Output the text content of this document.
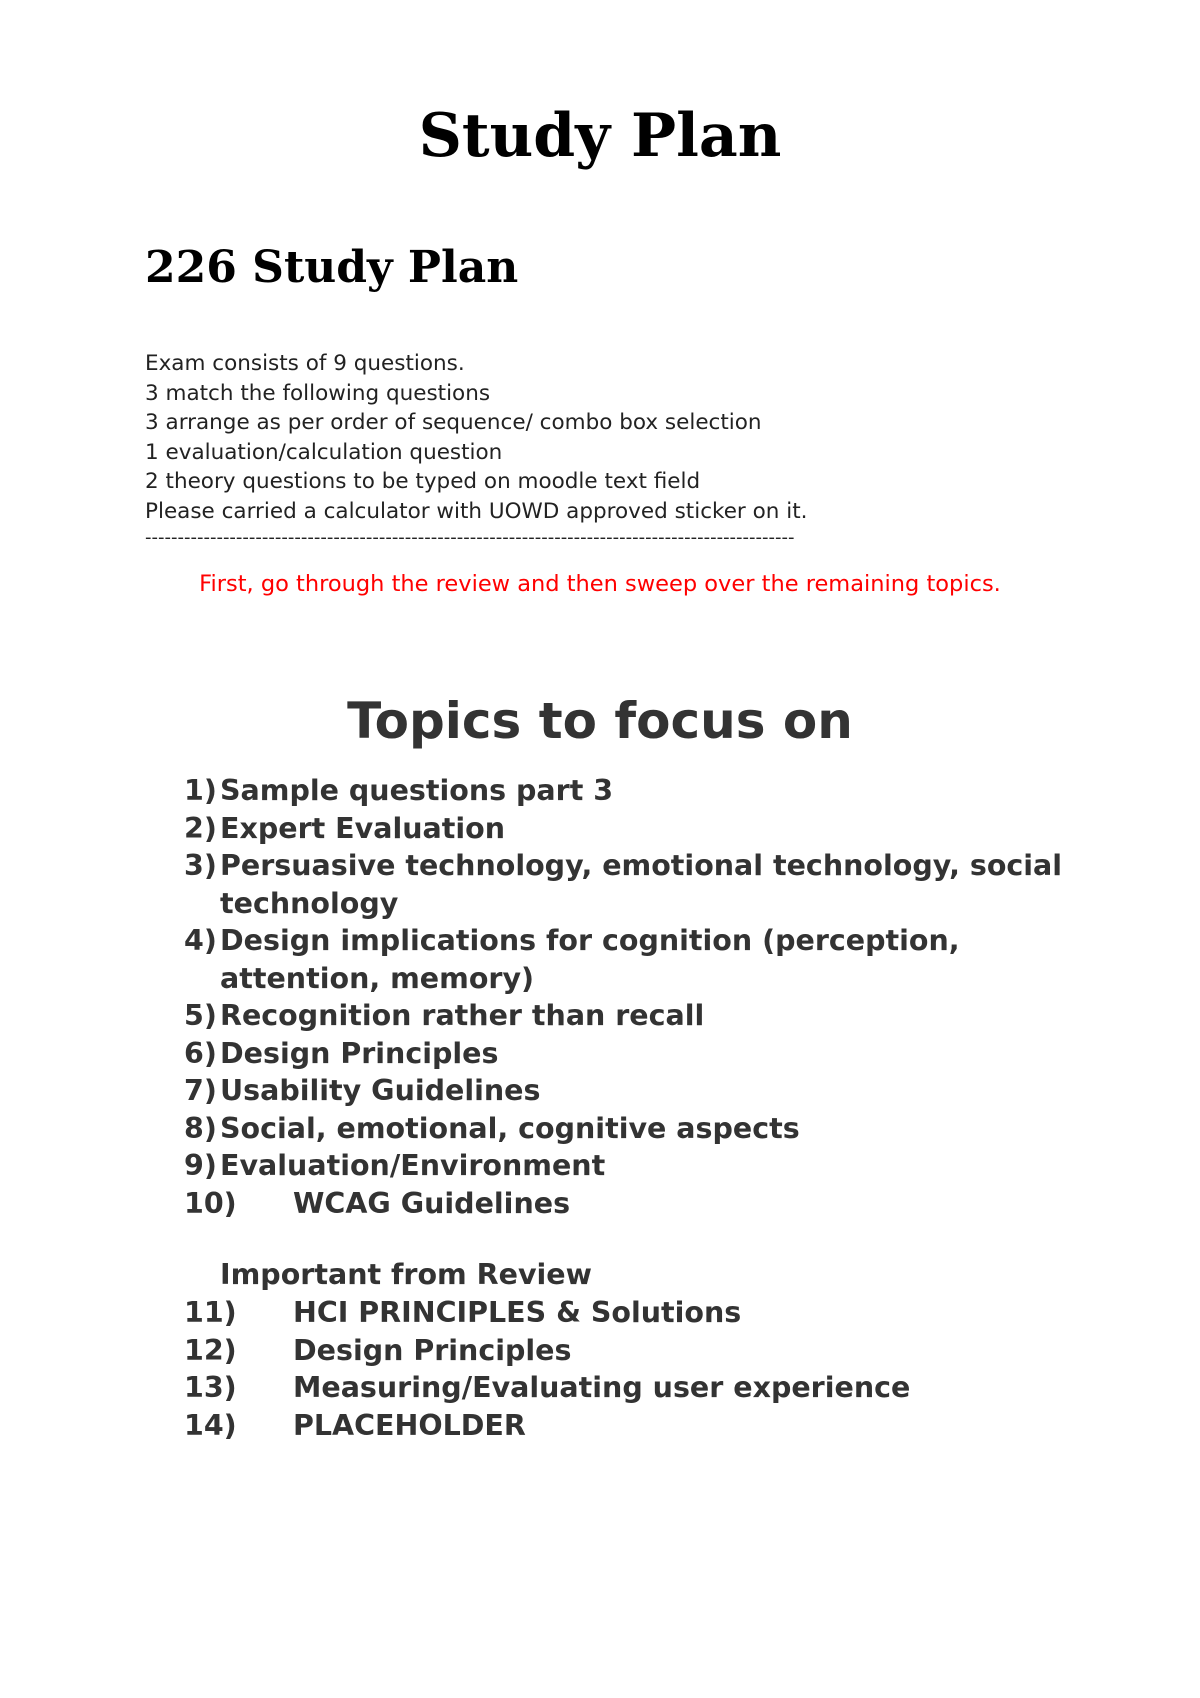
Study Plan
226 Study Plan
Exam consists of 9 questions.
3 match the following questions
3 arrange as per order of sequence/ combo box selection
1 evaluation/calculation question
2 theory questions to be typed on moodle text field
Please carried a calculator with UOWD approved sticker on it.
----------------------------------------------------------------------------------------------------

First, go through the review and then sweep over the remaining topics.

Topics to focus on
1) Sample questions part 3
2) Expert Evaluation
3) Persuasive technology, emotional technology, social technology
4) Design implications for cognition (perception, attention, memory)
5) Recognition rather than recall
6) Design Principles
7) Usability Guidelines
8) Social, emotional, cognitive aspects
9) Evaluation/Environment
10) WCAG Guidelines
Important from Review
11) HCI PRINCIPLES & Solutions
12) Design Principles
13) Measuring/Evaluating user experience
14) PLACEHOLDER
